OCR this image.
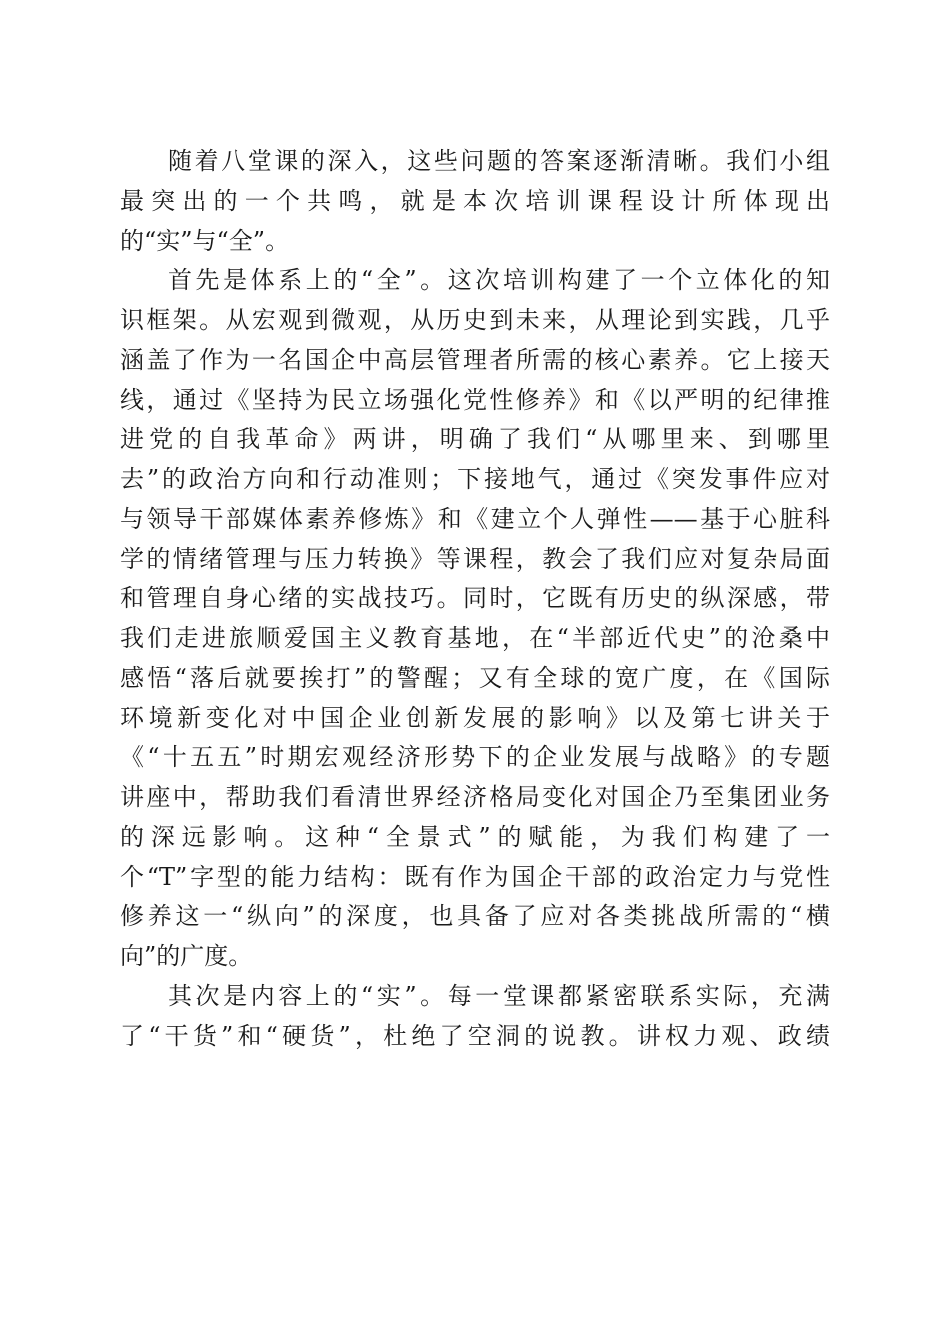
随着八堂课的深入，这些问题的答案逐渐清晰。我们小组
最突出的一个共鸣，就是本次培训课程设计所体现出
的“实”与“全”。
首先是体系上的“全”。这次培训构建了一个立体化的知
识框架。从宏观到微观，从历史到未来，从理论到实践，几乎
涵盖了作为一名国企中高层管理者所需的核心素养。它上接天
线，通过《坚持为民立场强化党性修养》和《以严明的纪律推
进党的自我革命》两讲，明确了我们“从哪里来、到哪里
去”的政治方向和行动准则；下接地气，通过《突发事件应对
与领导干部媒体素养修炼》和《建立个人弹性——基于心脏科
学的情绪管理与压力转换》等课程，教会了我们应对复杂局面
和管理自身心绪的实战技巧。同时，它既有历史的纵深感，带
我们走进旅顺爱国主义教育基地，在“半部近代史”的沧桑中
感悟“落后就要挨打”的警醒；又有全球的宽广度，在《国际
环境新变化对中国企业创新发展的影响》以及第七讲关于
《“十五五”时期宏观经济形势下的企业发展与战略》的专题
讲座中，帮助我们看清世界经济格局变化对国企乃至集团业务
的深远影响。这种“全景式”的赋能，为我们构建了一
个“T”字型的能力结构：既有作为国企干部的政治定力与党性
修养这一“纵向”的深度，也具备了应对各类挑战所需的“横
向”的广度。
其次是内容上的“实”。每一堂课都紧密联系实际，充满
了“干货”和“硬货”，杜绝了空洞的说教。讲权力观、政绩
